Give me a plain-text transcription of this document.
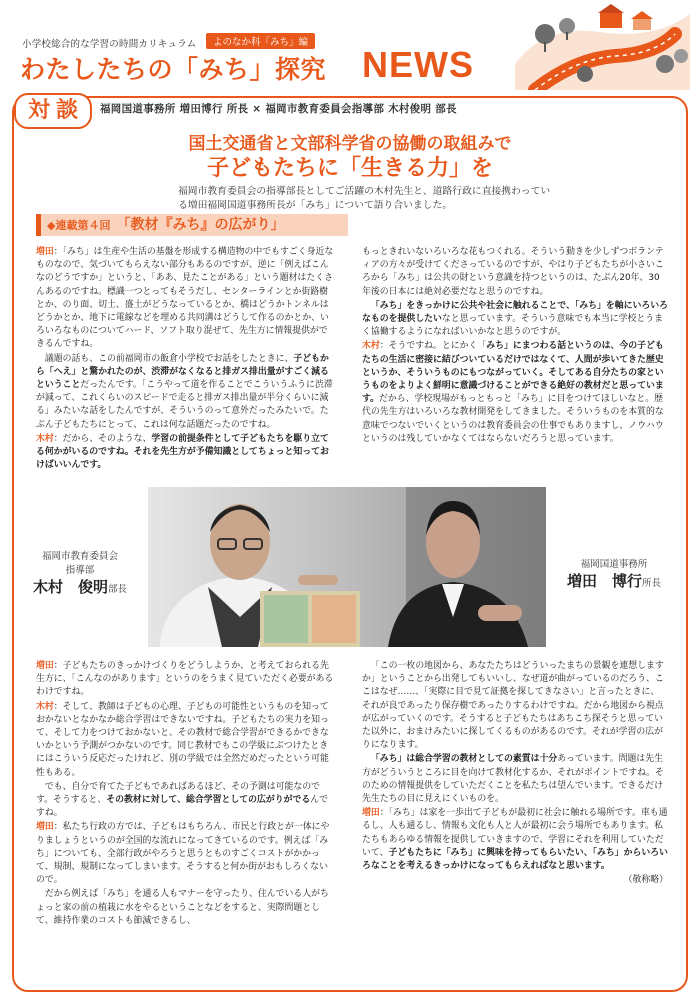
小学校総合的な学習の時間カリキュラム	よのなか科「みち」編
わたしたちの「みち」探究 NEWS
対談	福岡国道事務所 増田博行 所長 × 福岡市教育委員会指導部 木村俊明 部長
国土交通省と文部科学省の協働の取組みで
子どもたちに「生きる力」を
福岡市教育委員会の指導部長としてご活躍の木村先生と、道路行政に直接携わっている増田福岡国道事務所長が「みち」について語り合いました。
◆連載第４回 「教材『みち』の広がり」

増田：「みち」は生産や生活の基盤を形成する構造物の中でもすごく身近なものなので、気づいてもらえない部分もあるのですが、逆に「例えばこんなのどうですか」というと、「ああ、見たことがある」という題材はたくさんあるのですね。標識一つとってもそうだし、センターラインとか街路樹とか、のり面、切土、盛土がどうなっているとか、橋はどうかトンネルはどうかとか、地下に電線などを埋める共同溝はどうして作るのかとか、いろいろなものについてハード、ソフト取り混ぜて、先生方に情報提供ができるんですね。

議題の話も、この前福岡市の飯倉小学校でお話をしたときに、子どもから「へえ」と驚かれたのが、渋滞がなくなると排ガス排出量がすごく減るということだったんです。「こうやって道を作ることでこういうふうに渋滞が減って、これくらいのスピードで走ると排ガス排出量が半分くらいに減る」みたいな話をしたんですが、そういうのって意外だったみたいで。たぶん子どもたちにとって、これは何な話題だったのですね。

木村：だから、そのような、学習の前提条件として子どもたちを駆り立てる何かがいるのですね。それを先生方が予備知識としてちょっと知っておけばいいんです。

もっときれいないろいろな花もつくれる。そういう動きを少しずつボランティアの方々が受けてくださっているのですが、やはり子どもたちが小さいころから「みち」は公共の財という意識を持つというのは、たぶん20年、30年後の日本には絶対必要だなと思うのですね。

「みち」をきっかけに公共や社会に触れることで、「みち」を軸にいろいろなものを提供したいなと思っています。そういう意味でも本当に学校とうまく協働するようになればいいかなと思うのですが。

木村：そうですね。とにかく「みち」にまつわる話というのは、今の子どもたちの生活に密接に結びついているだけではなくて、人間が歩いてきた歴史というか、そういうものにもつながっていく。そしてある自分たちの家というものをよりよく鮮明に意識づけることができる絶好の教材だと思っています。だから、学校現場がもっともっと「みち」に目をつけてほしいなと。歴代の先生方はいろいろな教材開発をしてきました。そういうものを本質的な意味でつないでいくというのは教育委員会の仕事でもありますし、ノウハウというのは残していかなくてはならないだろうと思っています。

福岡市教育委員会
指導部
木村　俊明部長
福岡国道事務所
増田　博行所長

増田：子どもたちのきっかけづくりをどうしようか、と考えておられる先生方に、「こんなのがあります」というのをうまく見ていただく必要があるわけですね。

木村：そして、教師は子どもの心理、子どもの可能性というものを知っておかないとなかなか総合学習はできないですね。子どもたちの実力を知って、そして力をつけておかないと、その教材で総合学習ができるかできないかという予測がつかないのです。同じ教材でもこの学級にぶつけたときにはこういう反応だったけれど、別の学級では全然だめだったという可能性もある。

でも、自分で育てた子どもであればあるほど、その予測は可能なのです。そうすると、その教材に対して、総合学習としての広がりがでるんですね。

増田：私たち行政の方では、子どもはもちろん、市民と行政とが一体にやりましょうというのが全国的な流れになってきているのです。例えば「みち」についても、全部行政がやろうと思うとものすごくコストがかかって、規制、規制になってしまいます。そうすると何か街がおもしろくないので。

だから例えば「みち」を通る人もマナーを守ったり、住んでいる人がちょっと家の前の植栽に水をやるということなどをすると、実際問題として、維持作業のコストも節減できるし、

「この一枚の地図から、あなたたちはどういったまちの景観を連想しますか」ということから出発してもいいし、なぜ道が曲がっているのだろう、ここはなぜ……、「実際に目で見て証拠を探してきなさい」と言ったときに、それが良であったり保存樹であったりするわけですね。だから地図から視点が広がっていくのです。そうすると子どもたちはあちこち探そうと思っていた以外に、おまけみたいに探してくるものがあるのです。それが学習の広がりになります。

「みち」は総合学習の教材としての素質は十分あっています。問題は先生方がどういうところに目を向けて教材化するか、それがポイントですね。そのための情報提供をしていただくことを私たちは望んでいます。できるだけ先生たちの目に見えにくいものを。

増田：「みち」は家を一歩出て子どもが最初に社会に触れる場所です。車も通るし、人も通るし、情報も文化も人と人が最初に会う場所でもあります。私たちもあらゆる情報を提供していきますので、学習にそれを利用していただいて、子どもたちに「みち」に興味を持ってもらいたい、「みち」からいろいろなことを考えるきっかけになってもらえればなと思います。

（敬称略）
